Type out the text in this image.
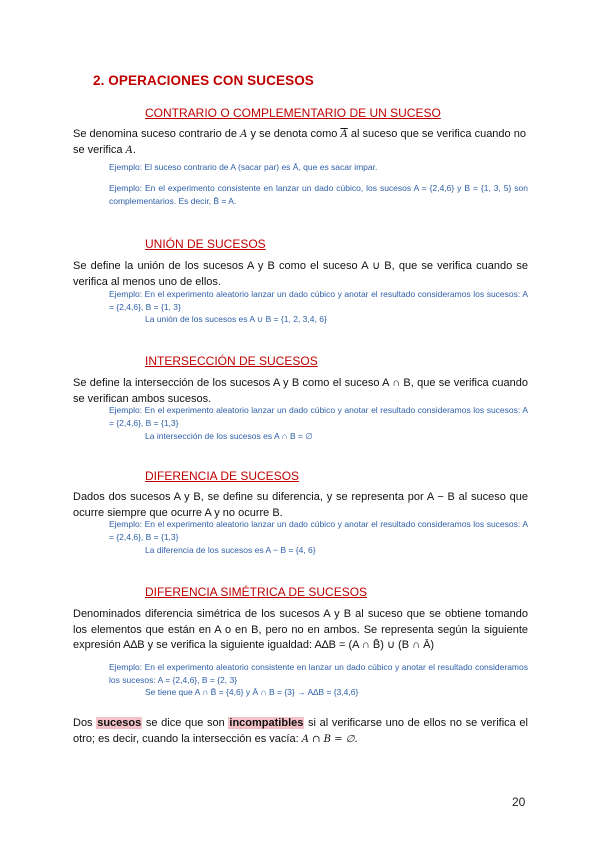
2. OPERACIONES CON SUCESOS
CONTRARIO O COMPLEMENTARIO DE UN SUCESO

Se denomina suceso contrario de A y se denota como $\overline{A}$ al suceso que se verifica cuando no se verifica A.

Ejemplo: El suceso contrario de A (sacar par) es Ā, que es sacar impar.

Ejemplo: En el experimento consistente en lanzar un dado cúbico, los sucesos A = {2,4,6} y B = {1, 3, 5} son complementarios. Es decir, B̄ = A.

UNIÓN DE SUCESOS

Se define la unión de los sucesos A y B como el suceso A ∪ B, que se verifica cuando se verifica al menos uno de ellos.

Ejemplo: En el experimento aleatorio lanzar un dado cúbico y anotar el resultado consideramos los sucesos: A = {2,4,6}, B = {1, 3}

La unión de los sucesos es A ∪ B = {1, 2, 3,4, 6}

INTERSECCIÓN DE SUCESOS

Se define la intersección de los sucesos A y B como el suceso A ∩ B, que se verifica cuando se verifican ambos sucesos.

Ejemplo: En el experimento aleatorio lanzar un dado cúbico y anotar el resultado consideramos los sucesos: A = {2,4,6}, B = {1,3}

La intersección de los sucesos es A ∩ B = ∅

DIFERENCIA DE SUCESOS

Dados dos sucesos A y B, se define su diferencia, y se representa por A − B al suceso que ocurre siempre que ocurre A y no ocurre B.

Ejemplo: En el experimento aleatorio lanzar un dado cúbico y anotar el resultado consideramos los sucesos: A = {2,4,6}, B = {1,3}

La diferencia de los sucesos es A − B = {4, 6}

DIFERENCIA SIMÉTRICA DE SUCESOS

Denominados diferencia simétrica de los sucesos A y B al suceso que se obtiene tomando los elementos que están en A o en B, pero no en ambos. Se representa según la siguiente expresión A∆B y se verifica la siguiente igualdad: A∆B = (A ∩ B̄) ∪ (B ∩ Ā)

Ejemplo: En el experimento aleatorio consistente en lanzar un dado cúbico y anotar el resultado consideramos los sucesos: A = {2,4,6}, B = {2, 3}

Se tiene que A ∩ B̄ = {4,6} y Ā ∩ B = {3} → A∆B = {3,4,6}

Dos sucesos se dice que son incompatibles si al verificarse uno de ellos no se verifica el otro; es decir, cuando la intersección es vacía: A ∩ B = ∅.

20
